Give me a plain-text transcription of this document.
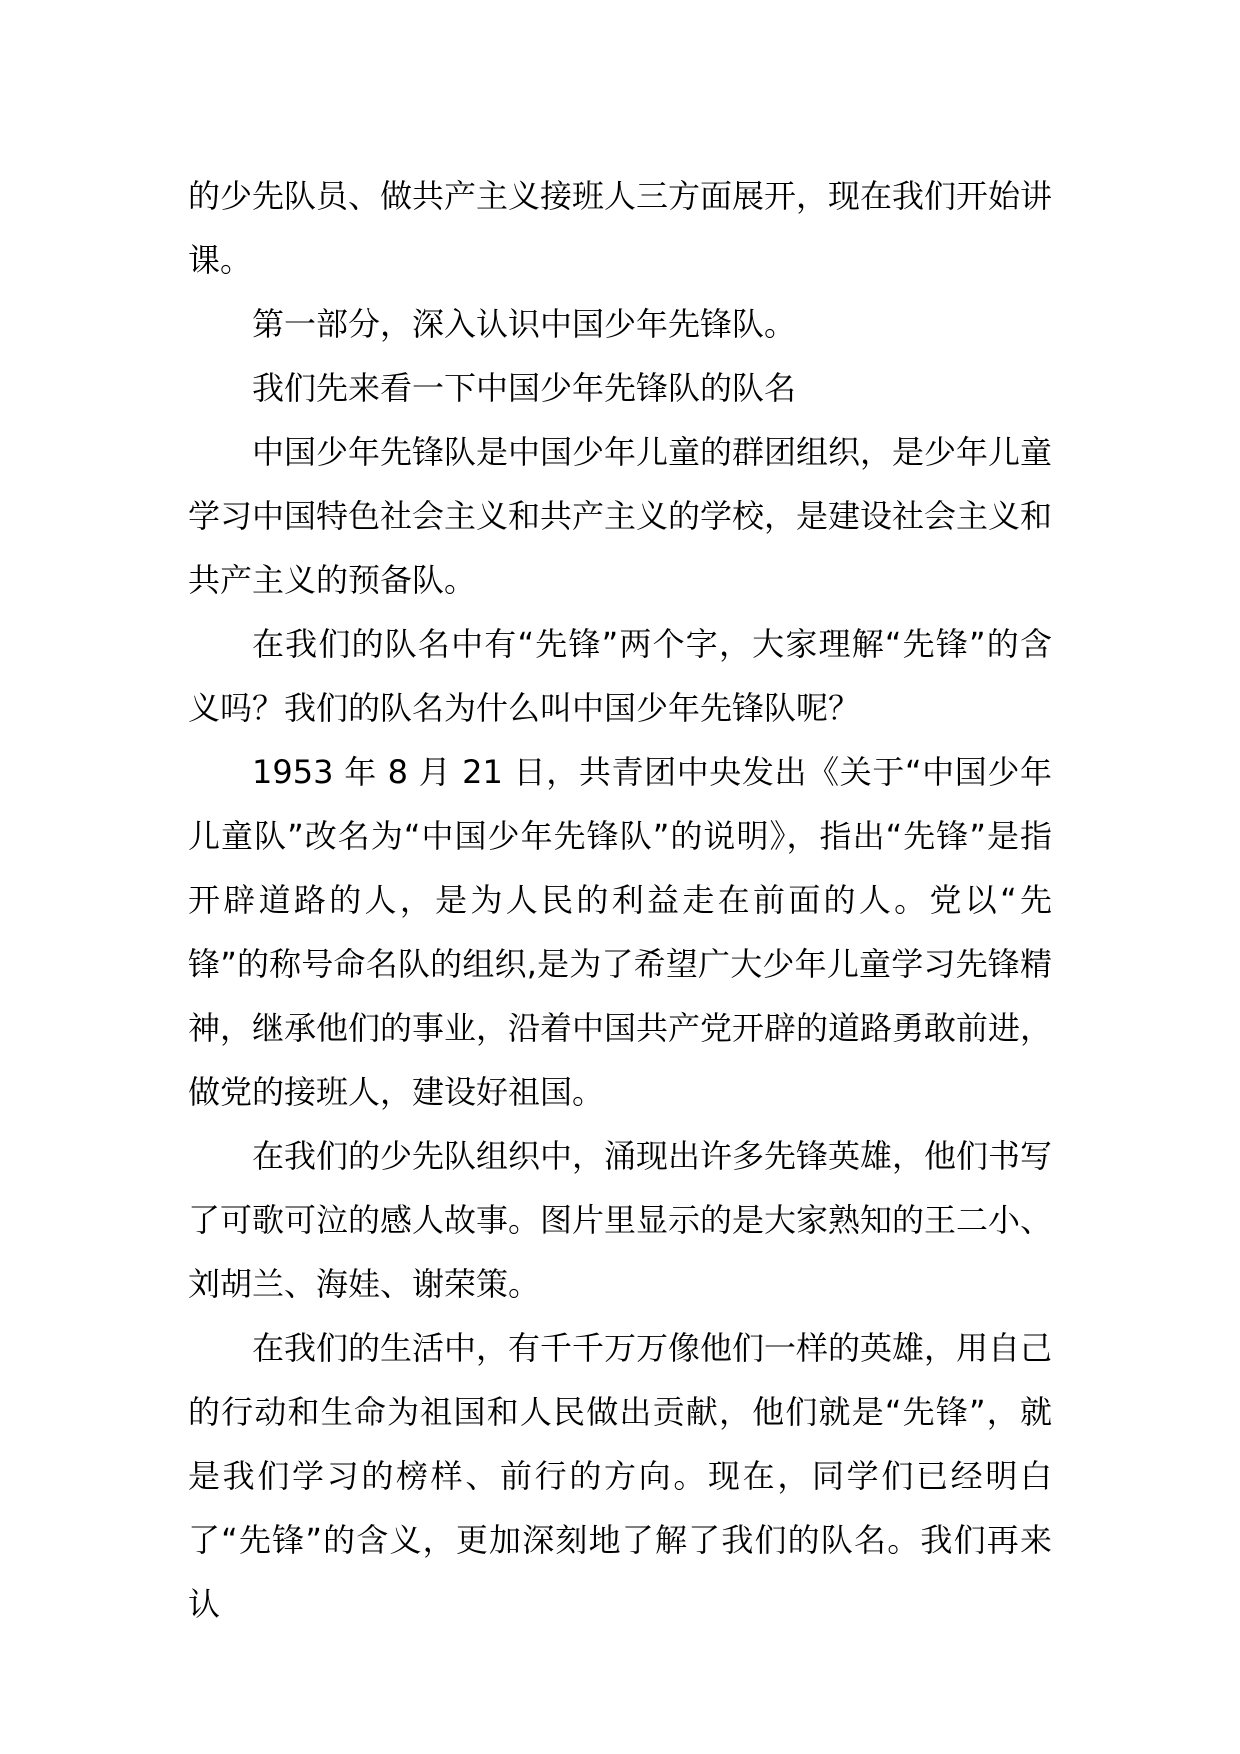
的少先队员、做共产主义接班人三方面展开，现在我们开始讲课。

第一部分，深入认识中国少年先锋队。

我们先来看一下中国少年先锋队的队名

中国少年先锋队是中国少年儿童的群团组织，是少年儿童学习中国特色社会主义和共产主义的学校，是建设社会主义和共产主义的预备队。

在我们的队名中有“先锋”两个字，大家理解“先锋”的含义吗？我们的队名为什么叫中国少年先锋队呢？

1953 年 8 月 21 日，共青团中央发出《关于“中国少年儿童队”改名为“中国少年先锋队”的说明》，指出“先锋”是指开辟道路的人，是为人民的利益走在前面的人。党以“先锋”的称号命名队的组织,是为了希望广大少年儿童学习先锋精神，继承他们的事业，沿着中国共产党开辟的道路勇敢前进，做党的接班人，建设好祖国。

在我们的少先队组织中，涌现出许多先锋英雄，他们书写了可歌可泣的感人故事。图片里显示的是大家熟知的王二小、刘胡兰、海娃、谢荣策。

在我们的生活中，有千千万万像他们一样的英雄，用自己的行动和生命为祖国和人民做出贡献，他们就是“先锋”，就是我们学习的榜样、前行的方向。现在，同学们已经明白了“先锋”的含义，更加深刻地了解了我们的队名。我们再来认
